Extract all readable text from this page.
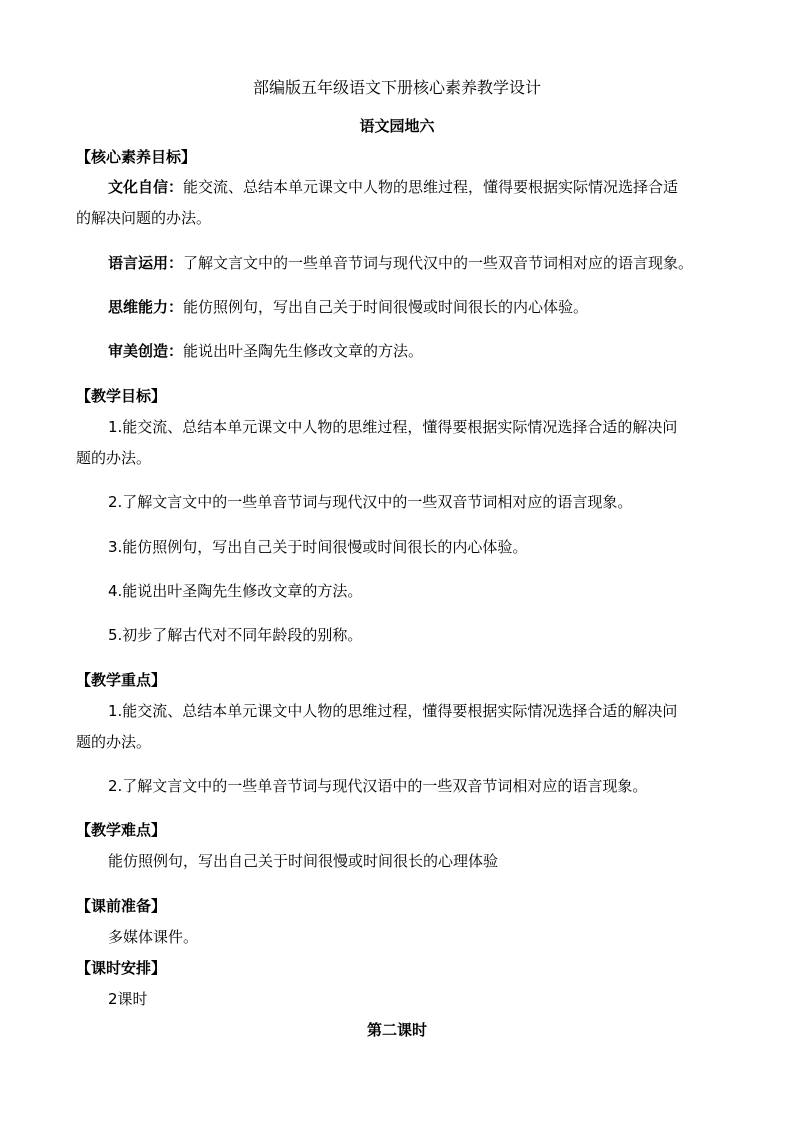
部编版五年级语文下册核心素养教学设计
语文园地六
【核心素养目标】
文化自信：能交流、总结本单元课文中人物的思维过程，懂得要根据实际情况选择合适
的解决问题的办法。
语言运用：了解文言文中的一些单音节词与现代汉中的一些双音节词相对应的语言现象。
思维能力：能仿照例句，写出自己关于时间很慢或时间很长的内心体验。
审美创造：能说出叶圣陶先生修改文章的方法。
【教学目标】
1.能交流、总结本单元课文中人物的思维过程，懂得要根据实际情况选择合适的解决问
题的办法。
2.了解文言文中的一些单音节词与现代汉中的一些双音节词相对应的语言现象。
3.能仿照例句，写出自己关于时间很慢或时间很长的内心体验。
4.能说出叶圣陶先生修改文章的方法。
5.初步了解古代对不同年龄段的别称。
【教学重点】
1.能交流、总结本单元课文中人物的思维过程，懂得要根据实际情况选择合适的解决问
题的办法。
2.了解文言文中的一些单音节词与现代汉语中的一些双音节词相对应的语言现象。
【教学难点】
能仿照例句，写出自己关于时间很慢或时间很长的心理体验
【课前准备】
多媒体课件。
【课时安排】
2课时
第二课时
